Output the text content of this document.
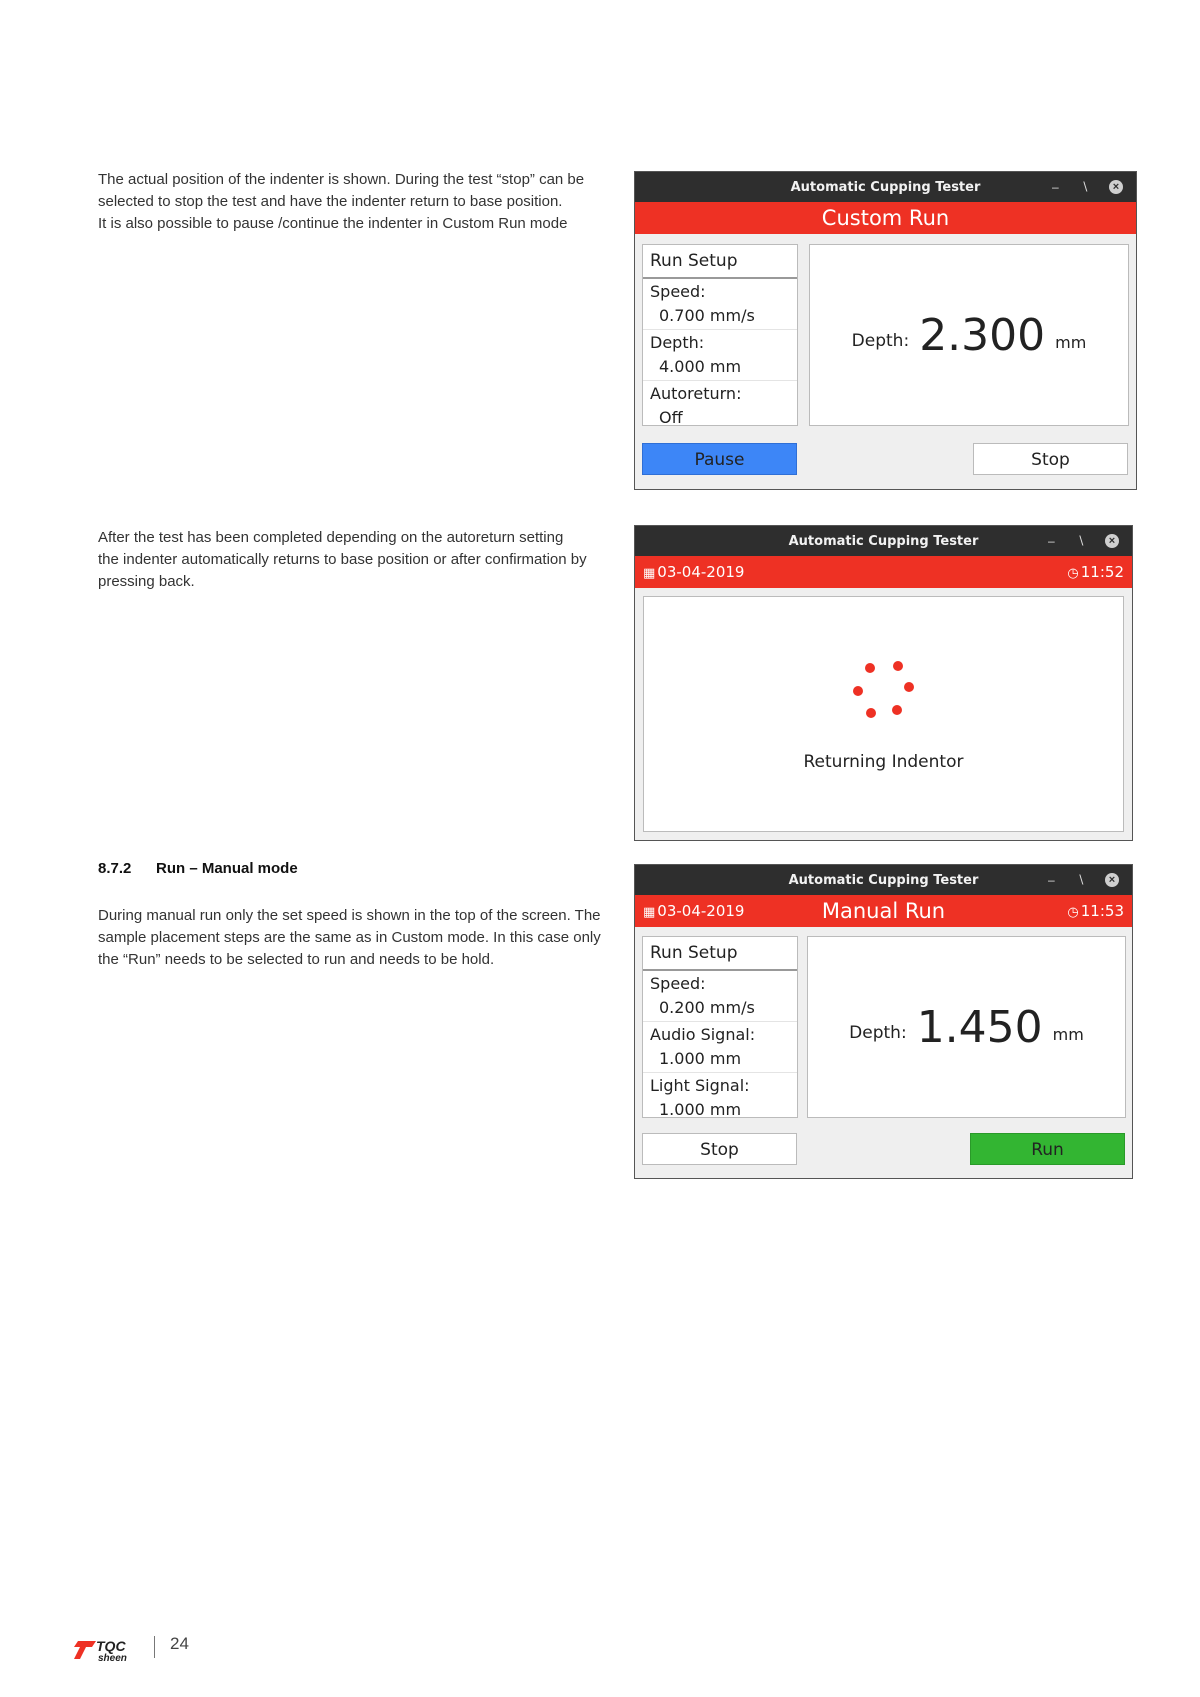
The actual position of the indenter is shown. During the test “stop” can be
selected to stop the test and have the indenter return to base position.
It is also possible to pause /continue the indenter in Custom Run mode
After the test has been completed depending on the autoreturn setting
the indenter automatically returns to base position or after confirmation by
pressing back.
8.7.2 Run – Manual mode
During manual run only the set speed is shown in the top of the screen. The
sample placement steps are the same as in Custom mode. In this case only
the “Run” needs to be selected to run and needs to be hold.
Automatic Cupping Tester	– ∖	×
Custom Run
Run Setup
Speed:
0.700 mm/s
Depth:
4.000 mm
Autoreturn:
Off
Depth: 2.300 mm
Pause	Stop
Automatic Cupping Tester	– ∖	×
▦ 03-04-2019	◷ 11:52
Returning Indentor
Automatic Cupping Tester	– ∖	×
▦ 03-04-2019	Manual Run	◷ 11:53
Run Setup
Speed:
0.200 mm/s
Audio Signal:
1.000 mm
Light Signal:
1.000 mm
Depth: 1.450 mm
Stop	Run
TQC
sheen
24
